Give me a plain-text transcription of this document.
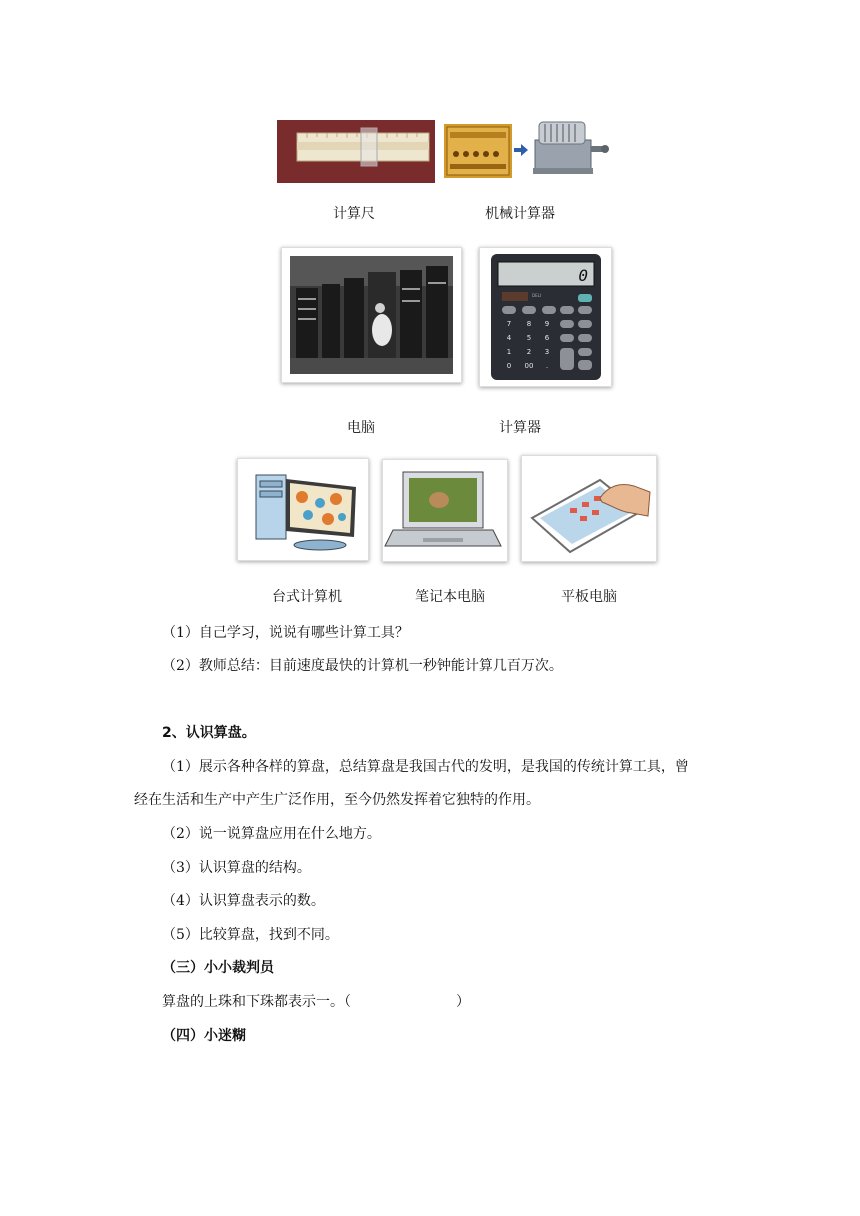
计算尺	机械计算器
0
DELI
7 8 9
4 5 6
1 2 3
0 00 .
电脑	计算器
台式计算机	笔记本电脑	平板电脑
（1）自己学习，说说有哪些计算工具？
（2）教师总结：目前速度最快的计算机一秒钟能计算几百万次。
2、认识算盘。
（1）展示各种各样的算盘，总结算盘是我国古代的发明，是我国的传统计算工具，曾
经在生活和生产中产生广泛作用，至今仍然发挥着它独特的作用。
（2）说一说算盘应用在什么地方。
（3）认识算盘的结构。
（4）认识算盘表示的数。
（5）比较算盘，找到不同。
（三）小小裁判员
算盘的上珠和下珠都表示一。（	）
（四）小迷糊
